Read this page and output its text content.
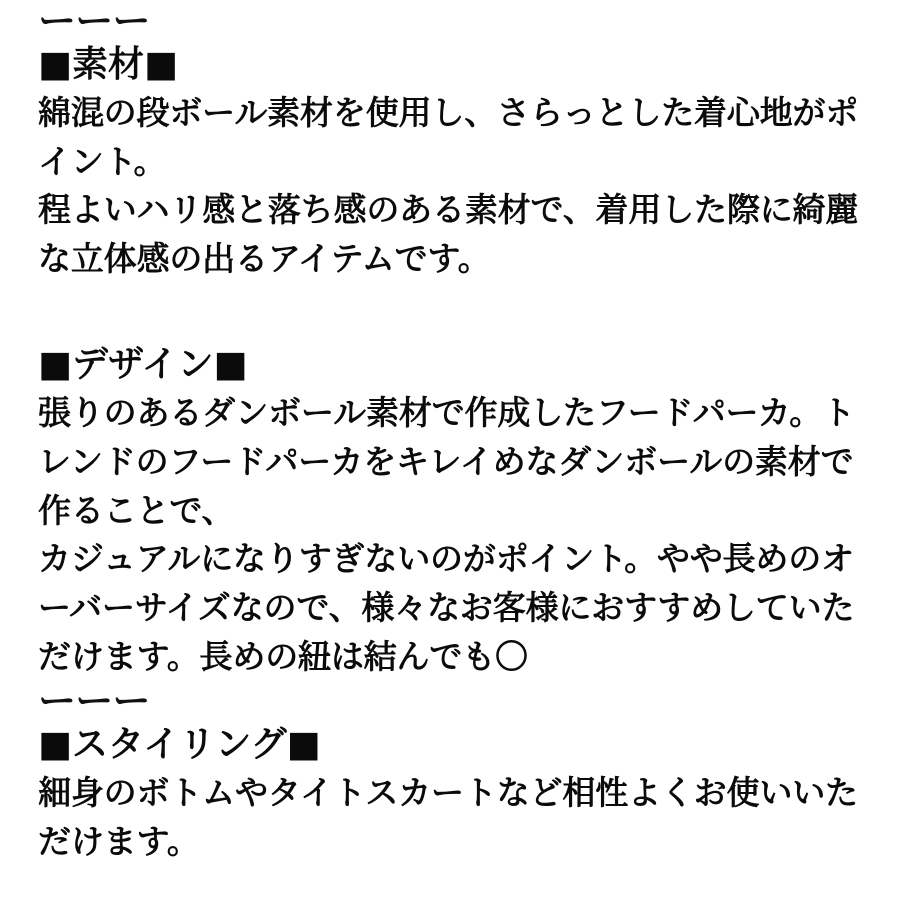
ーーー
■素材■
綿混の段ボール素材を使用し、さらっとした着心地がポイント。
程よいハリ感と落ち感のある素材で、着用した際に綺麗な立体感の出るアイテムです。
■デザイン■
張りのあるダンボール素材で作成したフードパーカ。トレンドのフードパーカをキレイめなダンボールの素材で作ることで、
カジュアルになりすぎないのがポイント。やや長めのオーバーサイズなので、様々なお客様におすすめしていただけます。長めの紐は結んでも〇
ーーー
■スタイリング■
細身のボトムやタイトスカートなど相性よくお使いいただけます。
